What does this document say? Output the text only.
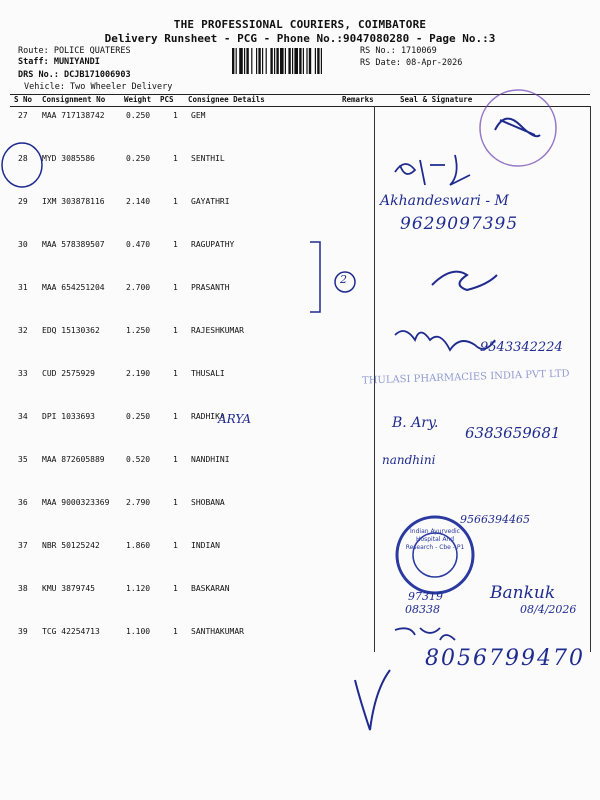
THE PROFESSIONAL COURIERS, COIMBATORE
Delivery Runsheet - PCG - Phone No.:9047080280 - Page No.:3
Route: POLICE QUATERES
Staff: MUNIYANDI
DRS No.: DCJB171006903
Vehicle: Two Wheeler Delivery
RS No.: 1710069
RS Date: 08-Apr-2026
S No Consignment No	Weight PCS Consignee Details	Remarks	Seal & Signature
27 MAA 717138742	0.250	1 GEM
28 MYD 3085586	0.250	1 SENTHIL
29 IXM 303878116	2.140	1 GAYATHRI
30 MAA 578389507	0.470	1 RAGUPATHY
31 MAA 654251204	2.700	1 PRASANTH
32 EDQ 15130362	1.250	1 RAJESHKUMAR
33 CUD 2575929	2.190	1 THUSALI
34 DPI 1033693	0.250	1 RADHIKA
35 MAA 872605889	0.520	1 NANDHINI
36 MAA 9000323369 2.790	1 SHOBANA
37 NBR 50125242	1.860	1 INDIAN
38 KMU 3879745	1.120	1 BASKARAN
39 TCG 42254713	1.100	1 SANTHAKUMAR
Akhandeswari - M
9629097395
2
9543342224
THULASI PHARMACIES INDIA PVT LTD
ARYA	B. Ary.
6383659681
nandhini
9566394465
Indian Ayurvedic Hospital And Research - Cbe - P1
97319
08338
Bankuk
08/4/2026
8056799470
